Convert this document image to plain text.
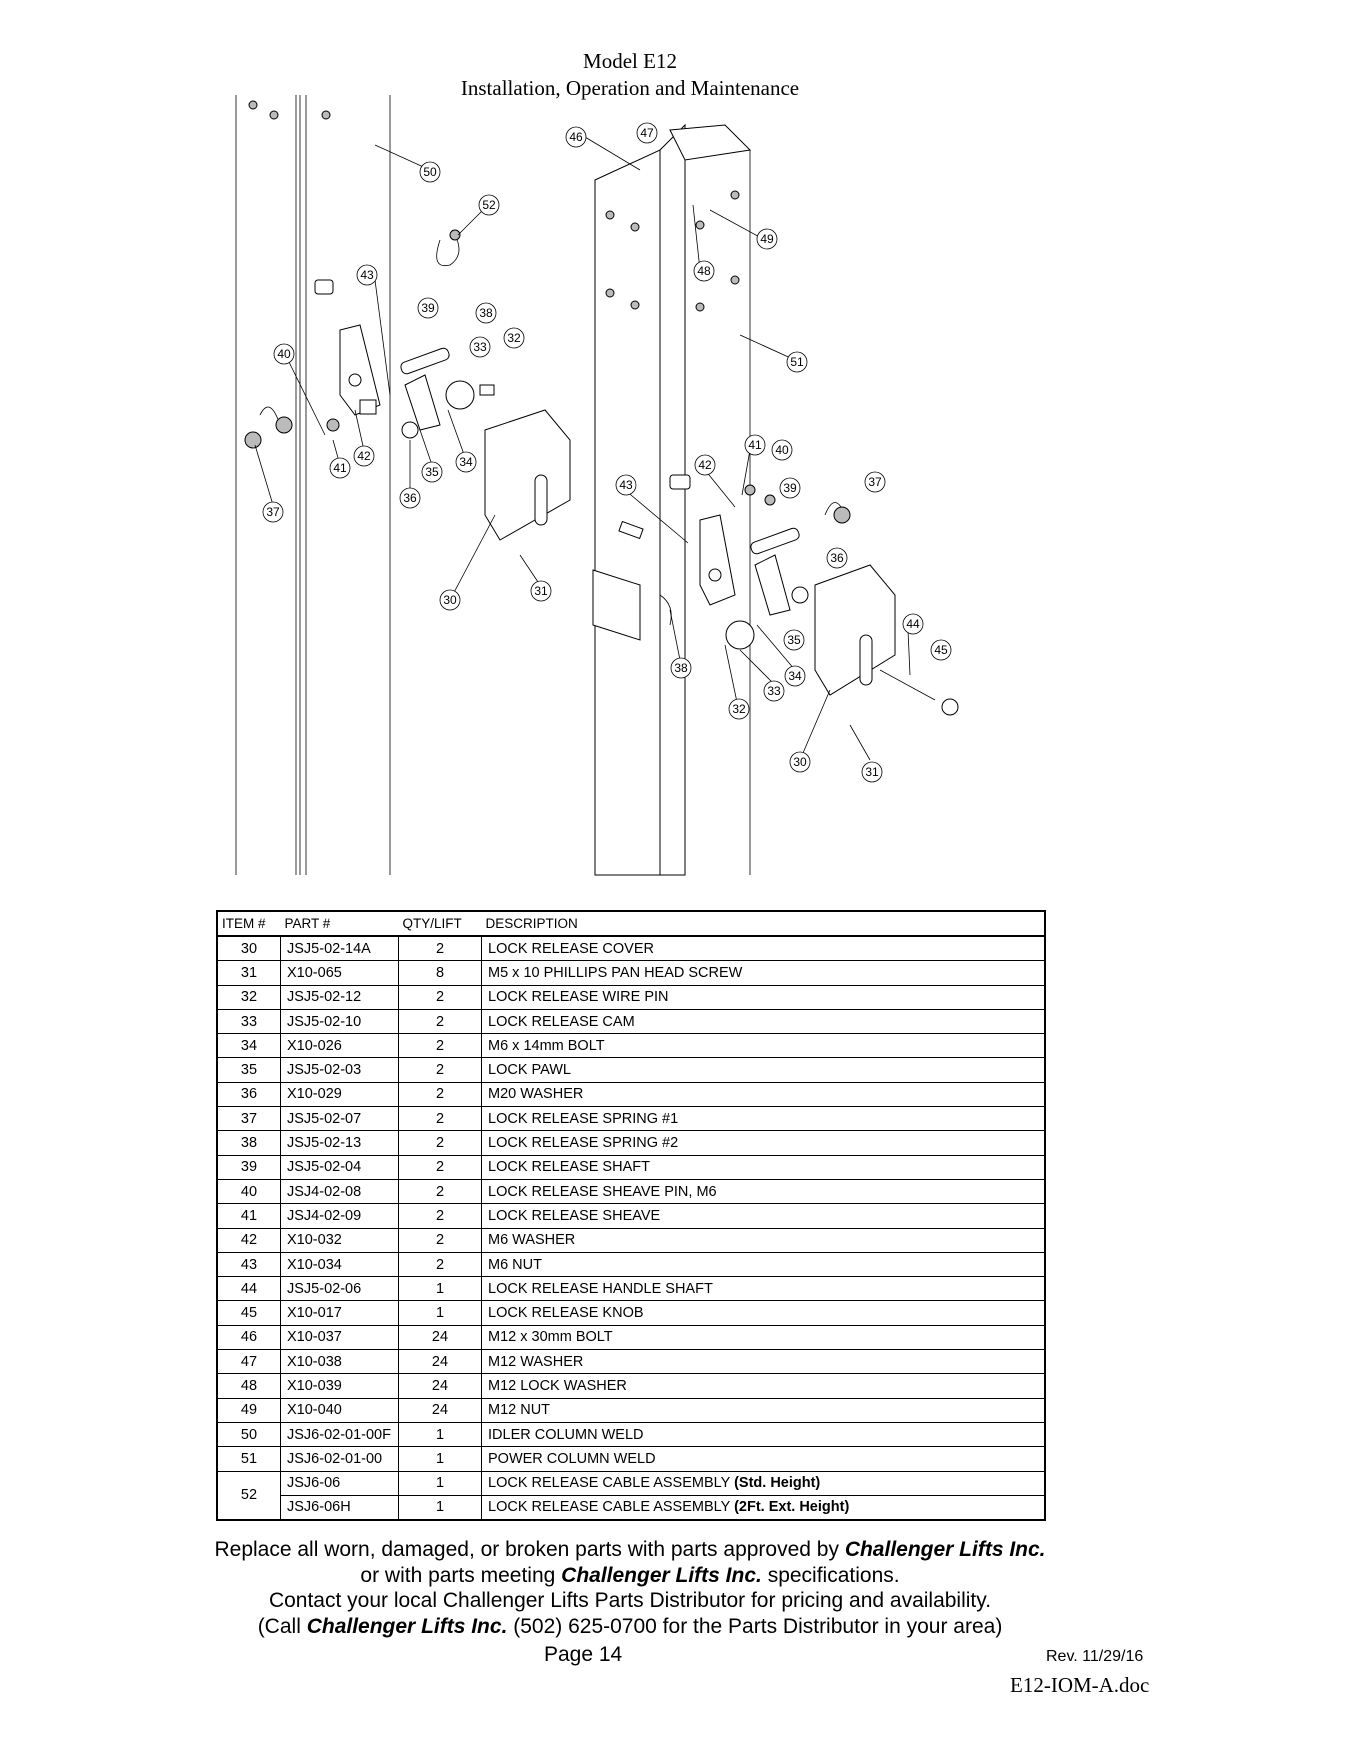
Model E12
Installation, Operation and Maintenance
30
31
32
33
34
35
36
37
38
39
40
41
42
43
50
52
46	47
48
49
51
43
42
41 40
39	37
36
38
35
34
33
32
44
45
30
31
ITEM #	PART #	QTY/LIFT	DESCRIPTION
30	JSJ5-02-14A	2	LOCK RELEASE COVER
31	X10-065	8	M5 x 10 PHILLIPS PAN HEAD SCREW
32	JSJ5-02-12	2	LOCK RELEASE WIRE PIN
33	JSJ5-02-10	2	LOCK RELEASE CAM
34	X10-026	2	M6 x 14mm BOLT
35	JSJ5-02-03	2	LOCK PAWL
36	X10-029	2	M20 WASHER
37	JSJ5-02-07	2	LOCK RELEASE SPRING #1
38	JSJ5-02-13	2	LOCK RELEASE SPRING #2
39	JSJ5-02-04	2	LOCK RELEASE SHAFT
40	JSJ4-02-08	2	LOCK RELEASE SHEAVE PIN, M6
41	JSJ4-02-09	2	LOCK RELEASE SHEAVE
42	X10-032	2	M6 WASHER
43	X10-034	2	M6 NUT
44	JSJ5-02-06	1	LOCK RELEASE HANDLE SHAFT
45	X10-017	1	LOCK RELEASE KNOB
46	X10-037	24	M12 x 30mm BOLT
47	X10-038	24	M12 WASHER
48	X10-039	24	M12 LOCK WASHER
49	X10-040	24	M12 NUT
50	JSJ6-02-01-00F	1	IDLER COLUMN WELD
51	JSJ6-02-01-00	1	POWER COLUMN WELD
52	JSJ6-06	1	LOCK RELEASE CABLE ASSEMBLY (Std. Height)
	JSJ6-06H	1	LOCK RELEASE CABLE ASSEMBLY (2Ft. Ext. Height)
Replace all worn, damaged, or broken parts with parts approved by Challenger Lifts Inc.
or with parts meeting Challenger Lifts Inc. specifications.
Contact your local Challenger Lifts Parts Distributor for pricing and availability.
(Call Challenger Lifts Inc. (502) 625-0700 for the Parts Distributor in your area)
Page 14	Rev. 11/29/16
E12-IOM-A.doc
